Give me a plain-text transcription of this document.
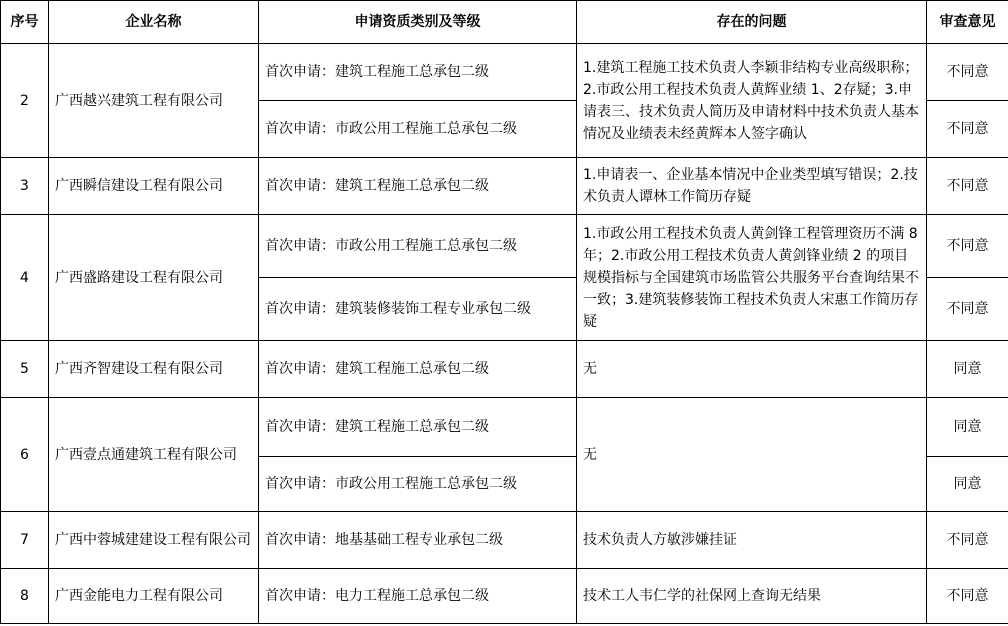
序号	企业名称	申请资质类别及等级	存在的问题	审查意见
2	广西越兴建筑工程有限公司	首次申请：建筑工程施工总承包二级	1.建筑工程施工技术负责人李颖非结构专业高级职称；2.市政公用工程技术负责人黄辉业绩 1、2存疑；3.申请表三、技术负责人简历及申请材料中技术负责人基本情况及业绩表未经黄辉本人签字确认	不同意
		首次申请：市政公用工程施工总承包二级		不同意
3	广西瞬信建设工程有限公司	首次申请：建筑工程施工总承包二级	1.申请表一、企业基本情况中企业类型填写错误；2.技术负责人谭林工作简历存疑	不同意
4	广西盛路建设工程有限公司	首次申请：市政公用工程施工总承包二级	1.市政公用工程技术负责人黄剑锋工程管理资历不满 8 年；2.市政公用工程技术负责人黄剑锋业绩 2 的项目规模指标与全国建筑市场监管公共服务平台查询结果不一致；3.建筑装修装饰工程技术负责人宋惠工作简历存疑	不同意
		首次申请：建筑装修装饰工程专业承包二级		不同意
5	广西齐智建设工程有限公司	首次申请：建筑工程施工总承包二级	无	同意
6	广西壹点通建筑工程有限公司	首次申请：建筑工程施工总承包二级	无	同意
		首次申请：市政公用工程施工总承包二级		同意
7	广西中蓉城建建设工程有限公司	首次申请：地基基础工程专业承包二级	技术负责人方敏涉嫌挂证	不同意
8	广西金能电力工程有限公司	首次申请：电力工程施工总承包二级	技术工人韦仁学的社保网上查询无结果	不同意
